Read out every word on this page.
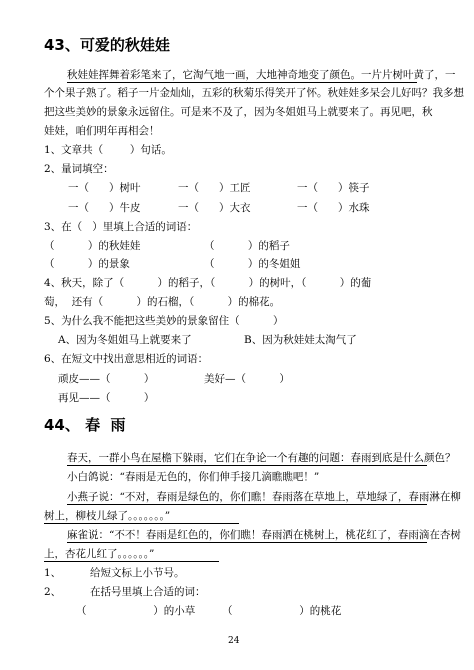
43、可爱的秋娃娃
秋娃娃挥舞着彩笔来了，它淘气地一画，大地神奇地变了颜色。一片片树叶黄了，一
个个果子熟了。稻子一片金灿灿，五彩的秋菊乐得笑开了怀。秋娃娃多呆会儿好吗？我多想
把这些美妙的景象永远留住。可是来不及了，因为冬姐姐马上就要来了。再见吧，秋
娃娃，咱们明年再相会！
1、文章共（        ）句话。
2、量词填空：
一（      ）树叶	一（      ）工匠	一（      ）筷子
一（      ）牛皮	一（      ）大衣	一（      ）水珠
3、在（   ）里填上合适的词语：
（          ）的秋娃娃	（          ）的稻子
（          ）的景象	（          ）的冬姐姐
4、秋天，除了（          ）的稻子，（          ）的树叶，（          ）的葡
萄，  还有（          ）的石榴，（          ）的棉花。
5、为什么我不能把这些美妙的景象留住（          ）
A、因为冬姐姐马上就要来了	B、因为秋娃娃太淘气了
6、在短文中找出意思相近的词语：
顽皮——（          ）	美好—（          ）
再见——（          ）
44、 春  雨
春天，一群小鸟在屋檐下躲雨，它们在争论一个有趣的问题：春雨到底是什么颜色？
小白鸽说：“春雨是无色的，你们伸手接几滴瞧瞧吧！”
小燕子说：“不对，春雨是绿色的，你们瞧！春雨落在草地上，草地绿了，春雨淋在柳
树上，柳枝儿绿了。。。。。。。”
麻雀说：“不不！春雨是红色的，你们瞧！春雨洒在桃树上，桃花红了，春雨滴在杏树
上，杏花儿红了。。。。。。”
1、	给短文标上小节号。
2、	在括号里填上合适的词：
（                    ）的小草	（                    ）的桃花
24
